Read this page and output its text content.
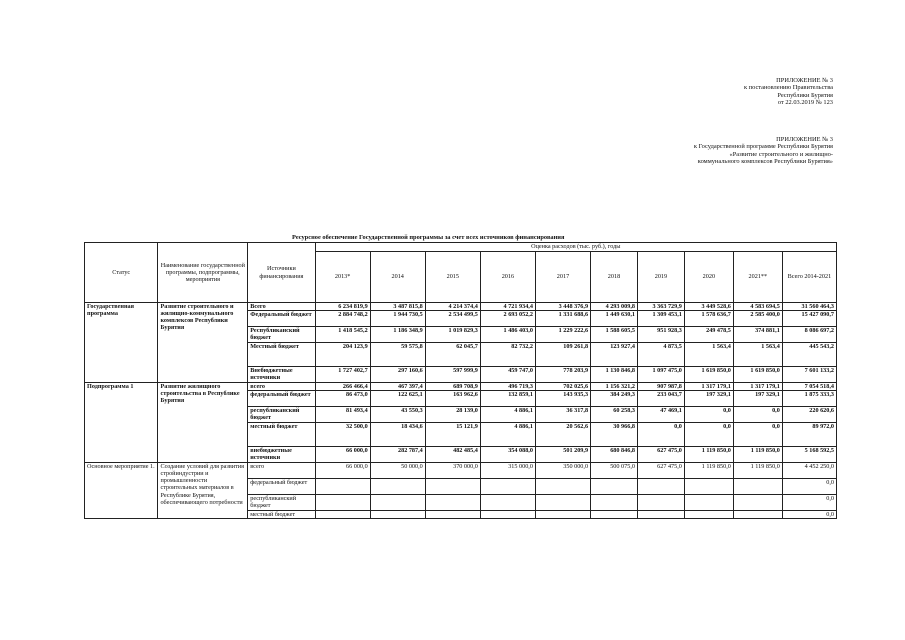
ПРИЛОЖЕНИЕ № 3
к постановлению Правительства
Республики Бурятия
от 22.03.2019 № 123
ПРИЛОЖЕНИЕ № 3
к Государственной программе Республики Бурятия
«Развитие строительного и жилищно-
коммунального комплексов Республики Бурятия»
Ресурсное обеспечение Государственной программы за счет всех источников финансирования
Статус	Наименование государственной программы, подпрограммы, мероприятия	Источники финансирования	Оценка расходов (тыс. руб.), годы									
			2013*	2014	2015	2016	2017	2018	2019	2020	2021**	Всего 2014-2021
Государственная программа	Развитие строительного и жилищно-коммунального комплексов Республики Бурятия	Всего	6 234 819,9	3 487 815,8	4 214 374,4	4 721 934,4	3 448 376,9	4 293 009,8	3 363 729,9	3 449 528,6	4 583 694,5	31 560 464,3
		Федеральный бюджет	2 884 748,2	1 944 730,5	2 534 499,5	2 693 052,2	1 331 688,6	1 449 630,1	1 309 453,1	1 578 636,7	2 585 400,0	15 427 090,7
		Республиканский бюджет	1 418 545,2	1 186 348,9	1 019 829,3	1 486 403,0	1 229 222,6	1 588 605,5	951 928,3	249 478,5	374 881,1	8 086 697,2
		Местный бюджет	204 123,9	59 575,8	62 045,7	82 732,2	109 261,8	123 927,4	4 873,5	1 563,4	1 563,4	445 543,2
		Внебюджетные источники	1 727 402,7	297 160,6	597 999,9	459 747,0	778 203,9	1 130 846,8	1 097 475,0	1 619 850,0	1 619 850,0	7 601 133,2
Подпрограмма 1	Развитие жилищного строительства в Республике Бурятия	всего	266 466,4	467 397,4	689 708,9	496 719,3	702 025,6	1 156 321,2	907 987,8	1 317 179,1	1 317 179,1	7 054 518,4
		федеральный бюджет	86 473,0	122 625,1	163 962,6	132 859,1	143 935,3	384 249,3	233 043,7	197 329,1	197 329,1	1 875 333,3
		республиканский бюджет	81 493,4	43 550,3	28 139,0	4 886,1	36 317,8	60 258,3	47 469,1	0,0	0,0	220 620,6
		местный бюджет	32 500,0	18 434,6	15 121,9	4 886,1	20 562,6	30 966,8	0,0	0,0	0,0	89 972,0
		внебюджетные источники	66 000,0	282 787,4	482 485,4	354 088,0	501 209,9	680 846,8	627 475,0	1 119 850,0	1 119 850,0	5 168 592,5
Основное мероприятие 1.	Создание условий для развития стройиндустрии и промышленности строительных материалов в Республике Бурятия, обеспечивающего потребности	всего	66 000,0	50 000,0	370 000,0	315 000,0	350 000,0	500 075,0	627 475,0	1 119 850,0	1 119 850,0	4 452 250,0
		федеральный бюджет										0,0
		республиканский бюджет										0,0
		местный бюджет										0,0
